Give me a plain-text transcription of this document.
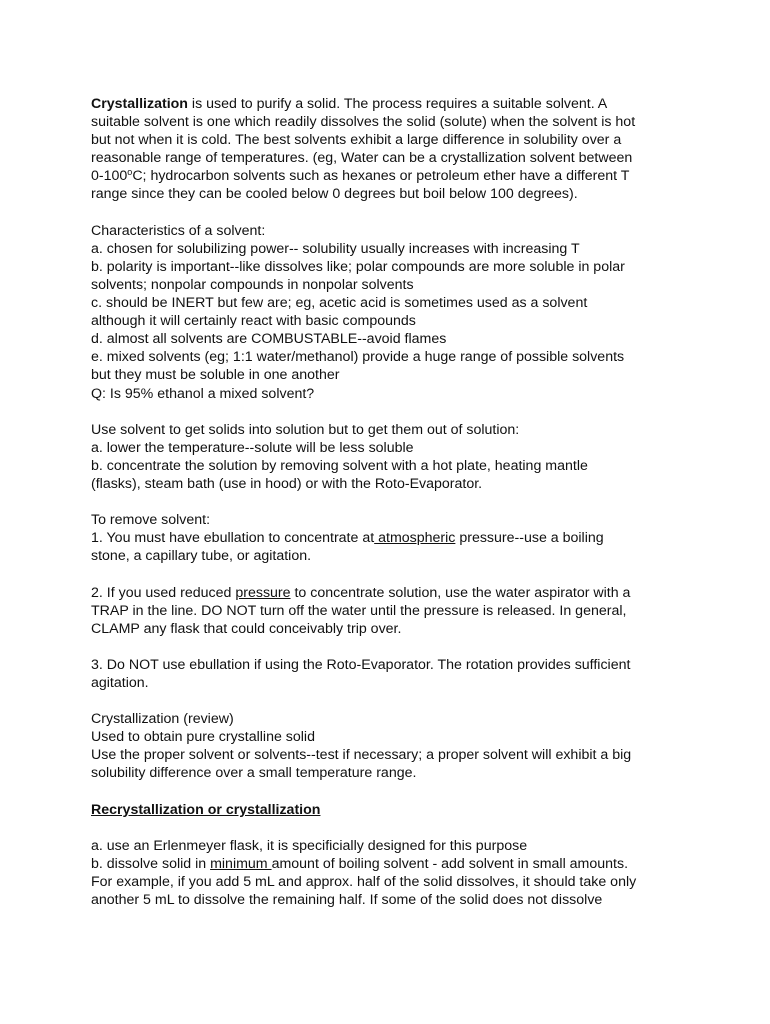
Crystallization is used to purify a solid. The process requires a suitable solvent. A
suitable solvent is one which readily dissolves the solid (solute) when the solvent is hot
but not when it is cold. The best solvents exhibit a large difference in solubility over a
reasonable range of temperatures. (eg, Water can be a crystallization solvent between
0-100$^o$C; hydrocarbon solvents such as hexanes or petroleum ether have a different T
range since they can be cooled below 0 degrees but boil below 100 degrees).

Characteristics of a solvent:
a. chosen for solubilizing power-- solubility usually increases with increasing T
b. polarity is important--like dissolves like; polar compounds are more soluble in polar
solvents; nonpolar compounds in nonpolar solvents
c. should be INERT but few are; eg, acetic acid is sometimes used as a solvent
although it will certainly react with basic compounds
d. almost all solvents are COMBUSTABLE--avoid flames
e. mixed solvents (eg; 1:1 water/methanol) provide a huge range of possible solvents
but they must be soluble in one another
Q: Is 95% ethanol a mixed solvent?

Use solvent to get solids into solution but to get them out of solution:
a. lower the temperature--solute will be less soluble
b. concentrate the solution by removing solvent with a hot plate, heating mantle
(flasks), steam bath (use in hood) or with the Roto-Evaporator.

To remove solvent:
1. You must have ebullation to concentrate at atmospheric pressure--use a boiling
stone, a capillary tube, or agitation.

2. If you used reduced pressure to concentrate solution, use the water aspirator with a
TRAP in the line. DO NOT turn off the water until the pressure is released. In general,
CLAMP any flask that could conceivably trip over.

3. Do NOT use ebullation if using the Roto-Evaporator. The rotation provides sufficient
agitation.

Crystallization (review)
Used to obtain pure crystalline solid
Use the proper solvent or solvents--test if necessary; a proper solvent will exhibit a big
solubility difference over a small temperature range.

Recrystallization or crystallization

a. use an Erlenmeyer flask, it is specificially designed for this purpose
b. dissolve solid in minimum amount of boiling solvent - add solvent in small amounts.
For example, if you add 5 mL and approx. half of the solid dissolves, it should take only
another 5 mL to dissolve the remaining half. If some of the solid does not dissolve
